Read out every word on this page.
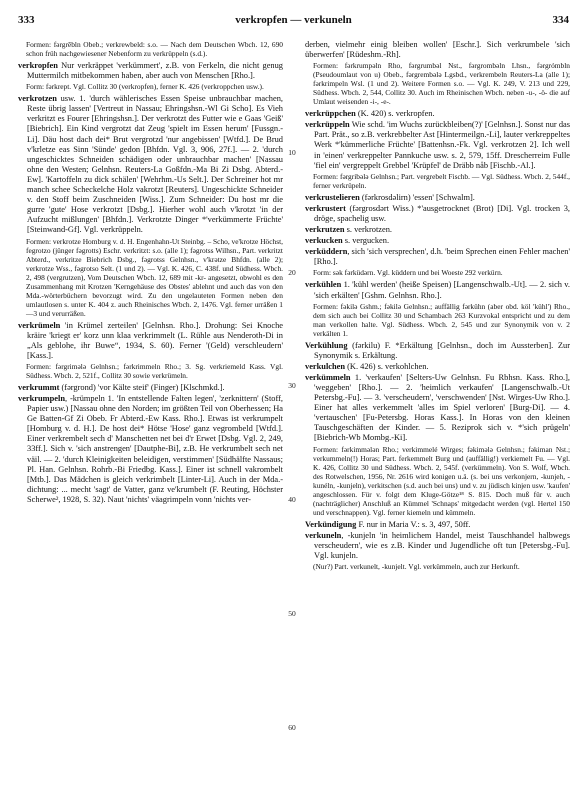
333	verkropfen — verkuneln	334

Formen: fərgrēbln Obeb.; verkrewbeld: s.o. — Nach dem Deutschen Wbch. 12, 690 schon früh nachgewiesener Nebenform zu verkrüppeln (s.d.).

verkropfen Nur verkräppet 'verkümmert', z.B. von Ferkeln, die nicht genug Muttermilch mitbekommen haben, aber auch von Menschen [Rho.].

Form: fərkrept. Vgl. Collitz 30 (verkropfen), ferner K. 426 (verkroppchen usw.).

verkrotzen usw. 1. 'durch wählerisches Essen Speise unbrauchbar machen, Reste übrig lassen' [Vertreut in Nassau; Ehringshsn.-Wl Gi Scho]. Es Vieh verkritzt es Fourer [Ehringshsn.]. Der verkrotzt des Futter wie e Gaas 'Geiß' [Biebrich]. Ein Kind vergrotzt dat Zeug 'spielt im Essen herum' [Fussgn.-Li]. Däu host dach dei* Brut vergrotzd 'nur angebissen' [Wtfd.]. De Brud v'krletze eas Sinn 'Sünde' gedon [Bhfdn. Vgl. 3, 906, 27f.]. — 2. 'durch ungeschicktes Schneiden schädigen oder unbrauchbar machen' [Nassau ohne den Westen; Gelnhsn. Reuters-La Goßfdn.-Ma Bi Zi Dsbg. Abterd.-Ew]. 'Kartoffeln zu dick schälen' [Wehrhm.-Us Selt.]. Der Schreiner hot mr manch schee Scheckelche Holz vakrotzt [Reuters]. Ungeschickte Schneider v. den Stoff beim Zuschneiden [Wiss.]. Zum Schneider: Du host mr die gurre 'gute' Hose verkrotzt [Dsbg.]. Hierher wohl auch v'krotzt 'in der Aufzucht mißlungen' [Bhfdn.]. Verkrotzte Dinger *'verkümmerte Früchte' [Steinwand-Gf]. Vgl. verkrüppeln.

Formen: verkrotze Homburg v. d. H. Engenhahn-Ut Steinbg. – Scho, ve'krotze Höchst, fegrotzo (jünger fəgrotts) Eschr. verkritzt: s.o. (alle 1); fəgrotss Wilhsn., Part. verkritzt Abterd., verkritze Biebrich Dsbg., fəgrotss Gelnhsn., v'krətze Bhfdn. (alle 2); verkrotze Wss., fəgrotso Selt. (1 und 2). — Vgl. K. 426, C. 438f. und Südhess. Wbch. 2, 498 (vergrutzen), Vom Deutschen Wbch. 12, 689 mit -kr- angesetzt, obwohl es den Zusammenhang mit Krotzen 'Kerngehäuse des Obstes' ablehnt und auch das von den Mda.-wörterbüchern bevorzugt wird. Zu den ungelauteten Formen neben den umlautlosen s. unter K. 404 z. auch Rheinisches Wbch. 2, 1476. Vgl. ferner urräßen 1—3 und verurräßen.

verkrümeln 'in Krümel zerteilen' [Gelnhsn. Rho.]. Drohung: Sei Knoche kräire 'kriegt er' korz unn klaa verkrimmelt (L. Rühle aus Nenderoth-Di in „Als geblohe, ihr Buwe“, 1934, S. 60). Ferner '(Geld) verschleudern' [Kass.].

Formen: fərgrimələ Gelnhsn.; fərkrimmeln Rho.; 3. Sg. verkriemeld Kass. Vgl. Südhess. Wbch. 2, 521f., Collitz 30 sowie verkrümeln.

verkrummt (fərgrond) 'vor Kälte steif' (Finger) [Klschmkd.].

verkrumpeln, -krümpeln 1. 'In entstellende Falten legen', 'zerknittern' (Stoff, Papier usw.) [Nassau ohne den Norden; im größten Teil von Oberhessen; Ha Ge Batten-Gf Zi Obeb. Fr Abterd.-Ew Kass. Rho.]. Etwas ist verkrumpelt [Homburg v. d. H.]. De host dei* Hötse 'Hose' ganz vegrombeld [Wtfd.]. Einer verkrembelt sech d' Manschetten net bei d'r Erwet [Dsbg. Vgl. 2, 249, 33ff.]. Sich v. 'sich anstrengen' [Dautphe-Bi], z.B. He verkrumbelt sech net väil. — 2. 'durch Kleinigkeiten beleidigen, verstimmen' [Südhälfte Nassaus; Pl. Han. Gelnhsn. Rohrb.-Bi Friedbg. Kass.]. Einer ist schnell vakrombelt [Mtb.]. Das Mädchen is gleich verkrimbelt [Linter-Li]. Auch in der Mda.-dichtung: ... mecht 'sagt' de Vatter, ganz ve'krumbelt (F. Reuting, Höchster Scherwe², 1928, S. 32). Naut 'nichts' väagrimpeln vonn 'nichts ver-

derben, vielmehr einig bleiben wollen' [Eschr.]. Sich verkrumbele 'sich überwerfen' [Rüdeshm.-Rh].

Formen: fərkrumpəln Rho, fərgrumbəl Nst., fərgrombəln Lhsn., fərgrómbln (Pseudoumlaut von u) Obeb., fərgrembələ Lgsbd., verkrembeln Reuters-La (alle 1); fərkrimpeln Wsl. (1 und 2). Weitere Formen s.o. — Vgl. K. 249, V. 213 und 229, Südhess. Wbch. 2, 544, Collitz 30. Auch im Rheinischen Wbch. neben -u-, -ö- die auf Umlaut weisenden -i-, -e-.

verkrüppchen (K. 420) s. verkropfen.

verkrüppeln Wie schd. 'im Wuchs zurückbleiben(?)' [Gelnhsn.]. Sonst nur das Part. Prät., so z.B. verkrebbelter Ast [Hintermeilgn.-Li], lauter verkreppeltes Werk *'kümmerliche Früchte' [Battenhsn.-Fk. Vgl. verkrotzen 2]. Ich well in 'einen' verkreppelter Pannkuche usw. s. 2, 579, 15ff. Drescherreim Fulle 'fiel ein' vergreppelt Grebbel 'Krüpfel' de Dräbb nåb [Fischb.-Al.].

Formen: fərgribələ Gelnhsn.; Part. vergrebelt Fischb. — Vgl. Südhess. Wbch. 2, 544f., ferner verkrüpeln.

verkrustelieren (fərkrosdəlirn) 'essen' [Schwalm].

verkrustert (fərgrosdərt Wiss.) *'ausgetrocknet (Brot) [Di]. Vgl. trocken 3, dröge, spachelig usw.

verkrutzen s. verkrotzen.

verkucken s. vergucken.

verküddern, sich 'sich versprechen', d.h. 'beim Sprechen einen Fehler machen' [Rho.].

Form: sək fərküdərn. Vgl. küddern und bei Woeste 292 verkürn.

verkühlen 1. 'kühl werden' (heiße Speisen) [Langenschwalb.-Ut]. — 2. sich v. 'sich erkälten' [Gshm. Gelnhsn. Rho.].

Formen: fəkilə Gshm.; fəkilə Gelnhsn.; auffällig fərkühn (aber obd. köl 'kühl') Rho., dem sich auch bei Collitz 30 und Schambach 263 Kurzvokal entspricht und zu dem man verkollen halte. Vgl. Südhess. Wbch. 2, 545 und zur Synonymik von v. 2 verkälten 1.

Verkühlung (fərkilu) F. *Erkältung [Gelnhsn., doch im Aussterben]. Zur Synonymik s. Erkältung.

verkulchen (K. 426) s. verkohlchen.

verkümmeln 1. 'verkaufen' [Selters-Uw Gelnhsn. Fu Rbhsn. Kass. Rho.], 'weggeben' [Rho.]. — 2. 'heimlich verkaufen' [Langenschwalb.-Ut Petersbg.-Fu]. — 3. 'verscheudern', 'verschwenden' [Nst. Wirges-Uw Rho.]. Einer hat alles verkemmelt 'alles im Spiel verloren' [Burg-Di]. — 4. 'vertauschen' [Fu-Petersbg. Horas Kass.]. In Horas von den kleinen Tauschgeschäften der Kinder. — 5. Reziprok sich v. *'sich prügeln' [Biebrich-Wb Mombg.-Ki].

Formen: fərkimmələn Rho.; verkimmelé Wirges; fəkimələ Gelnhsn.; fəkiman Nst.; verkummeln(!) Horas; Part. ferkemmelt Burg und (auffällig!) verkiemelt Fu. — Vgl. K. 426, Collitz 30 und Südhess. Wbch. 2, 545f. (verkümmeln). Von S. Wolf, Wbch. des Rotwelschen, 1956, Nr. 2616 wird konigen u.ä. (s. bei uns verkonjern, -kunjeh, -kunéln, -kunjeln), verkitschen (s.d. auch bei uns) und v. zu jüdisch kinjen usw. 'kaufen' angeschlossen. Für v. folgt dem Kluge-Götze¹⁸ S. 815. Doch muß für v. auch (nachträglicher) Anschluß an Kümmel 'Schnaps' mitgedacht werden (vgl. Hertel 150 und verschnappen). Vgl. ferner kiemeln und kümmeln.

Verkündigung F. nur in Maria V.: s. 3, 497, 50ff.

verkuneln, -kunjeln 'in heimlichem Handel, meist Tauschhandel halbwegs verscheudern', wie es z.B. Kinder und Jugendliche oft tun [Petersbg.-Fu]. Vgl. kunjeln.

(Nur?) Part. verkunelt, -kunjelt. Vgl. verkümmeln, auch zur Herkunft.

10
20
30
40
50
60
